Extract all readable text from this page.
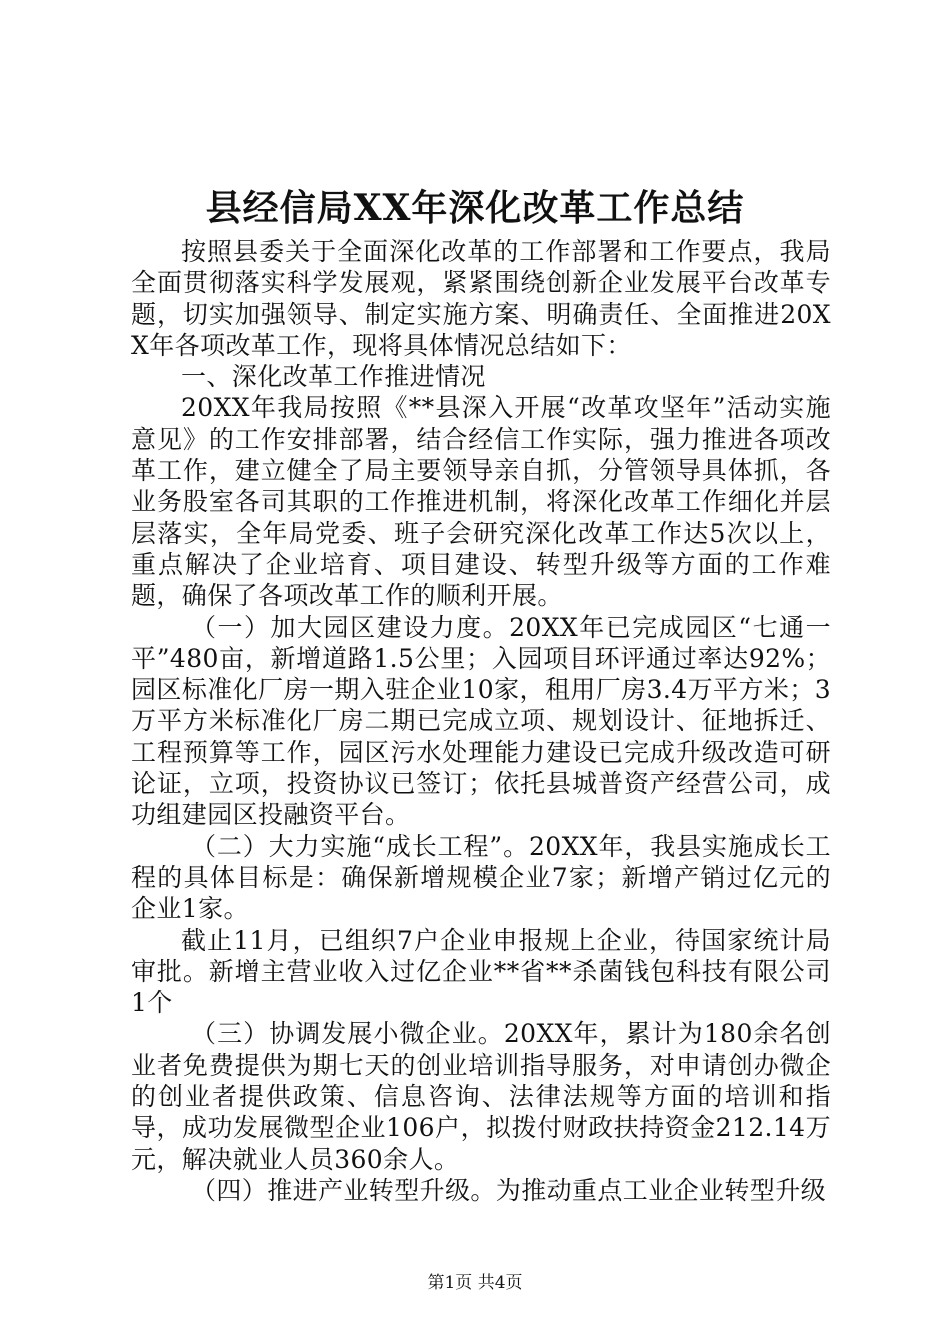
县经信局XX年深化改革工作总结

按照县委关于全面深化改革的工作部署和工作要点，我局全面贯彻落实科学发展观，紧紧围绕创新企业发展平台改革专题，切实加强领导、制定实施方案、明确责任、全面推进20XX年各项改革工作，现将具体情况总结如下：

一、深化改革工作推进情况

20XX年我局按照《**县深入开展“改革攻坚年”活动实施意见》的工作安排部署，结合经信工作实际，强力推进各项改革工作，建立健全了局主要领导亲自抓，分管领导具体抓，各业务股室各司其职的工作推进机制，将深化改革工作细化并层层落实，全年局党委、班子会研究深化改革工作达5次以上，重点解决了企业培育、项目建设、转型升级等方面的工作难题，确保了各项改革工作的顺利开展。

（一）加大园区建设力度。20XX年已完成园区“七通一平”480亩，新增道路1.5公里；入园项目环评通过率达92%；园区标准化厂房一期入驻企业10家，租用厂房3.4万平方米；3万平方米标准化厂房二期已完成立项、规划设计、征地拆迁、工程预算等工作，园区污水处理能力建设已完成升级改造可研论证，立项，投资协议已签订；依托县城普资产经营公司，成功组建园区投融资平台。

（二）大力实施“成长工程”。20XX年，我县实施成长工程的具体目标是：确保新增规模企业7家；新增产销过亿元的企业1家。

截止11月，已组织7户企业申报规上企业，待国家统计局审批。新增主营业收入过亿企业**省**杀菌钱包科技有限公司1个

（三）协调发展小微企业。20XX年，累计为180余名创业者免费提供为期七天的创业培训指导服务，对申请创办微企的创业者提供政策、信息咨询、法律法规等方面的培训和指导，成功发展微型企业106户，拟拨付财政扶持资金212.14万元，解决就业人员360余人。

（四）推进产业转型升级。为推动重点工业企业转型升级

第1页 共4页
